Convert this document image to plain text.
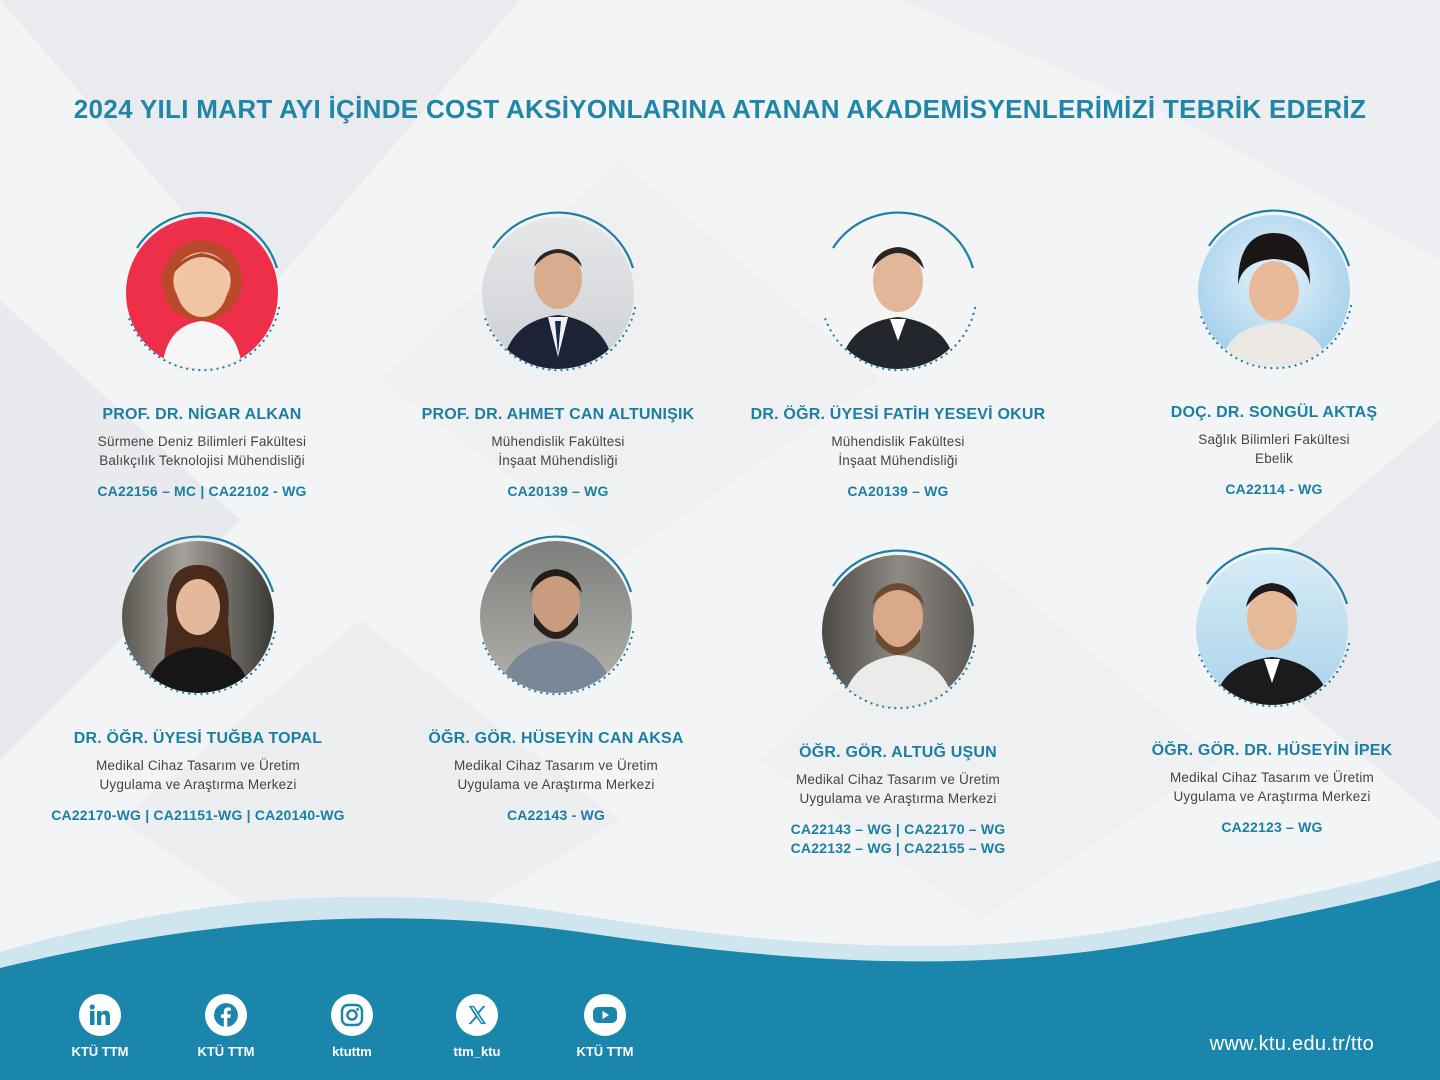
2024 YILI MART AYI İÇİNDE COST AKSİYONLARINA ATANAN AKADEMİSYENLERİMİZİ TEBRİK EDERİZ
PROF. DR. NİGAR ALKAN
Sürmene Deniz Bilimleri Fakültesi
Balıkçılık Teknolojisi Mühendisliği
CA22156 – MC | CA22102 - WG
PROF. DR. AHMET CAN ALTUNIŞIK
Mühendislik Fakültesi
İnşaat Mühendisliği
CA20139 – WG
DR. ÖĞR. ÜYESİ FATİH YESEVİ OKUR
Mühendislik Fakültesi
İnşaat Mühendisliği
CA20139 – WG
DOÇ. DR. SONGÜL AKTAŞ
Sağlık Bilimleri Fakültesi
Ebelik
CA22114 - WG
DR. ÖĞR. ÜYESİ TUĞBA TOPAL
Medikal Cihaz Tasarım ve Üretim
Uygulama ve Araştırma Merkezi
CA22170-WG | CA21151-WG | CA20140-WG
ÖĞR. GÖR. HÜSEYİN CAN AKSA
Medikal Cihaz Tasarım ve Üretim
Uygulama ve Araştırma Merkezi
CA22143 - WG
ÖĞR. GÖR. ALTUĞ UŞUN
Medikal Cihaz Tasarım ve Üretim
Uygulama ve Araştırma Merkezi
CA22143 – WG | CA22170 – WG
CA22132 – WG | CA22155 – WG
ÖĞR. GÖR. DR. HÜSEYİN İPEK
Medikal Cihaz Tasarım ve Üretim
Uygulama ve Araştırma Merkezi
CA22123 – WG
KTÜ TTM	KTÜ TTM	ktuttm	ttm_ktu	KTÜ TTM	www.ktu.edu.tr/tto
